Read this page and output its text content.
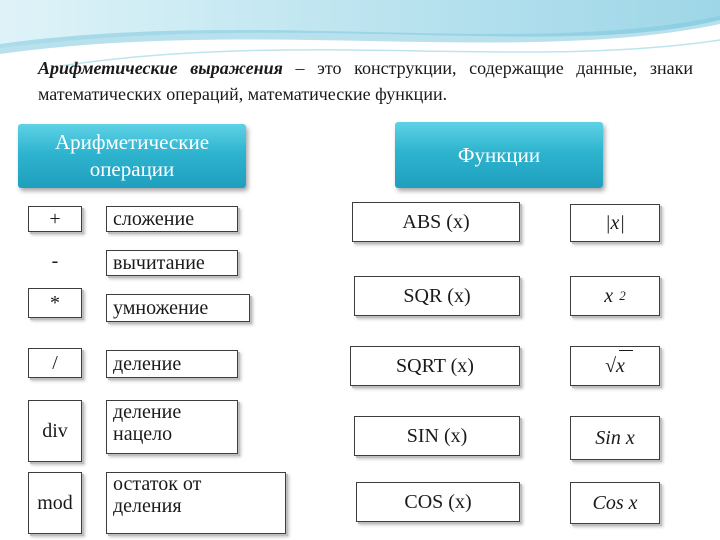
Арифметические выражения – это конструкции, содержащие данные, знаки математических операций, математические функции.
Арифметические
операции
Функции
+
-
*
/
div
mod
сложение
вычитание
умножение
деление
деление
нацело
остаток от
деления
ABS (x)
SQR (x)
SQRT (x)
SIN (x)
COS (x)
|x|
x 2
√
x
Sin x
Cos x
